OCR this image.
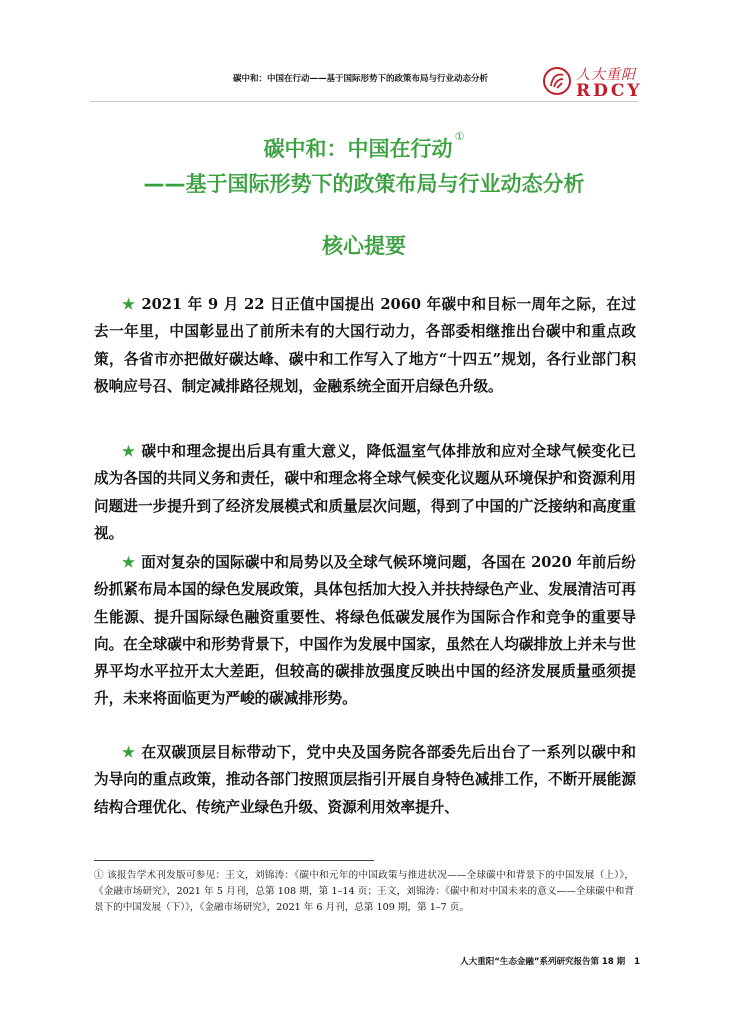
碳中和：中国在行动——基于国际形势下的政策布局与行业动态分析	人大重阳
RDCY
碳中和：中国在行动①
——基于国际形势下的政策布局与行业动态分析
核心提要

★ 2021 年 9 月 22 日正值中国提出 2060 年碳中和目标一周年之际，在过去一年里，中国彰显出了前所未有的大国行动力，各部委相继推出台碳中和重点政策，各省市亦把做好碳达峰、碳中和工作写入了地方“十四五”规划，各行业部门积极响应号召、制定减排路径规划，金融系统全面开启绿色升级。

★ 碳中和理念提出后具有重大意义，降低温室气体排放和应对全球气候变化已成为各国的共同义务和责任，碳中和理念将全球气候变化议题从环境保护和资源利用问题进一步提升到了经济发展模式和质量层次问题，得到了中国的广泛接纳和高度重视。

★ 面对复杂的国际碳中和局势以及全球气候环境问题，各国在 2020 年前后纷纷抓紧布局本国的绿色发展政策，具体包括加大投入并扶持绿色产业、发展清洁可再生能源、提升国际绿色融资重要性、将绿色低碳发展作为国际合作和竞争的重要导向。在全球碳中和形势背景下，中国作为发展中国家，虽然在人均碳排放上并未与世界平均水平拉开太大差距，但较高的碳排放强度反映出中国的经济发展质量亟须提升，未来将面临更为严峻的碳减排形势。

★ 在双碳顶层目标带动下，党中央及国务院各部委先后出台了一系列以碳中和为导向的重点政策，推动各部门按照顶层指引开展自身特色减排工作，不断开展能源结构合理优化、传统产业绿色升级、资源利用效率提升、

① 该报告学术刊发版可参见：王文，刘锦涛：《碳中和元年的中国政策与推进状况——全球碳中和背景下的中国发展（上）》，《金融市场研究》，2021 年 5 月刊，总第 108 期，第 1–14 页；王文，刘锦涛：《碳中和对中国未来的意义——全球碳中和背景下的中国发展（下）》，《金融市场研究》，2021 年 6 月刊，总第 109 期，第 1–7 页。

人大重阳“生态金融”系列研究报告第 18 期 1
